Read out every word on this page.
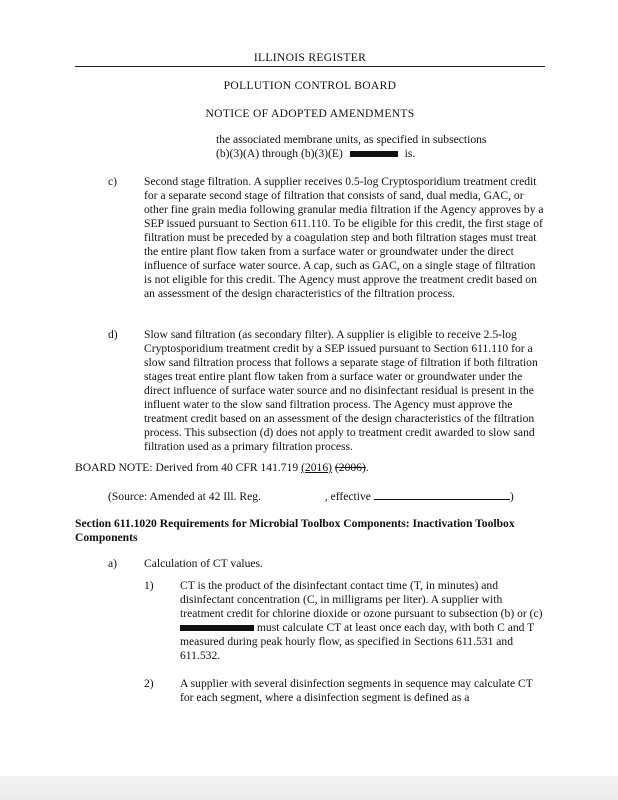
ILLINOIS REGISTER
POLLUTION CONTROL BOARD
NOTICE OF ADOPTED AMENDMENTS
the associated membrane units, as specified in subsections
(b)(3)(A) through (b)(3)(E)	is.
c) Second stage filtration. A supplier receives 0.5-log Cryptosporidium treatment credit for a separate second stage of filtration that consists of sand, dual media, GAC, or other fine grain media following granular media filtration if the Agency approves by a SEP issued pursuant to Section 611.110. To be eligible for this credit, the first stage of filtration must be preceded by a coagulation step and both filtration stages must treat the entire plant flow taken from a surface water or groundwater under the direct influence of surface water source. A cap, such as GAC, on a single stage of filtration is not eligible for this credit. The Agency must approve the treatment credit based on an assessment of the design characteristics of the filtration process.
d) Slow sand filtration (as secondary filter). A supplier is eligible to receive 2.5-log Cryptosporidium treatment credit by a SEP issued pursuant to Section 611.110 for a slow sand filtration process that follows a separate stage of filtration if both filtration stages treat entire plant flow taken from a surface water or groundwater under the direct influence of surface water source and no disinfectant residual is present in the influent water to the slow sand filtration process. The Agency must approve the treatment credit based on an assessment of the design characteristics of the filtration process. This subsection (d) does not apply to treatment credit awarded to slow sand filtration used as a primary filtration process.
BOARD NOTE: Derived from 40 CFR 141.719 (2016) (2006).
(Source: Amended at 42 Ill. Reg.	, effective	)
Section 611.1020 Requirements for Microbial Toolbox Components: Inactivation Toolbox Components
a) Calculation of CT values.
1) CT is the product of the disinfectant contact time (T, in minutes) and disinfectant concentration (C, in milligrams per liter). A supplier with treatment credit for chlorine dioxide or ozone pursuant to subsection (b) or (c)  must calculate CT at least once each day, with both C and T measured during peak hourly flow, as specified in Sections 611.531 and 611.532.
2) A supplier with several disinfection segments in sequence may calculate CT for each segment, where a disinfection segment is defined as a
